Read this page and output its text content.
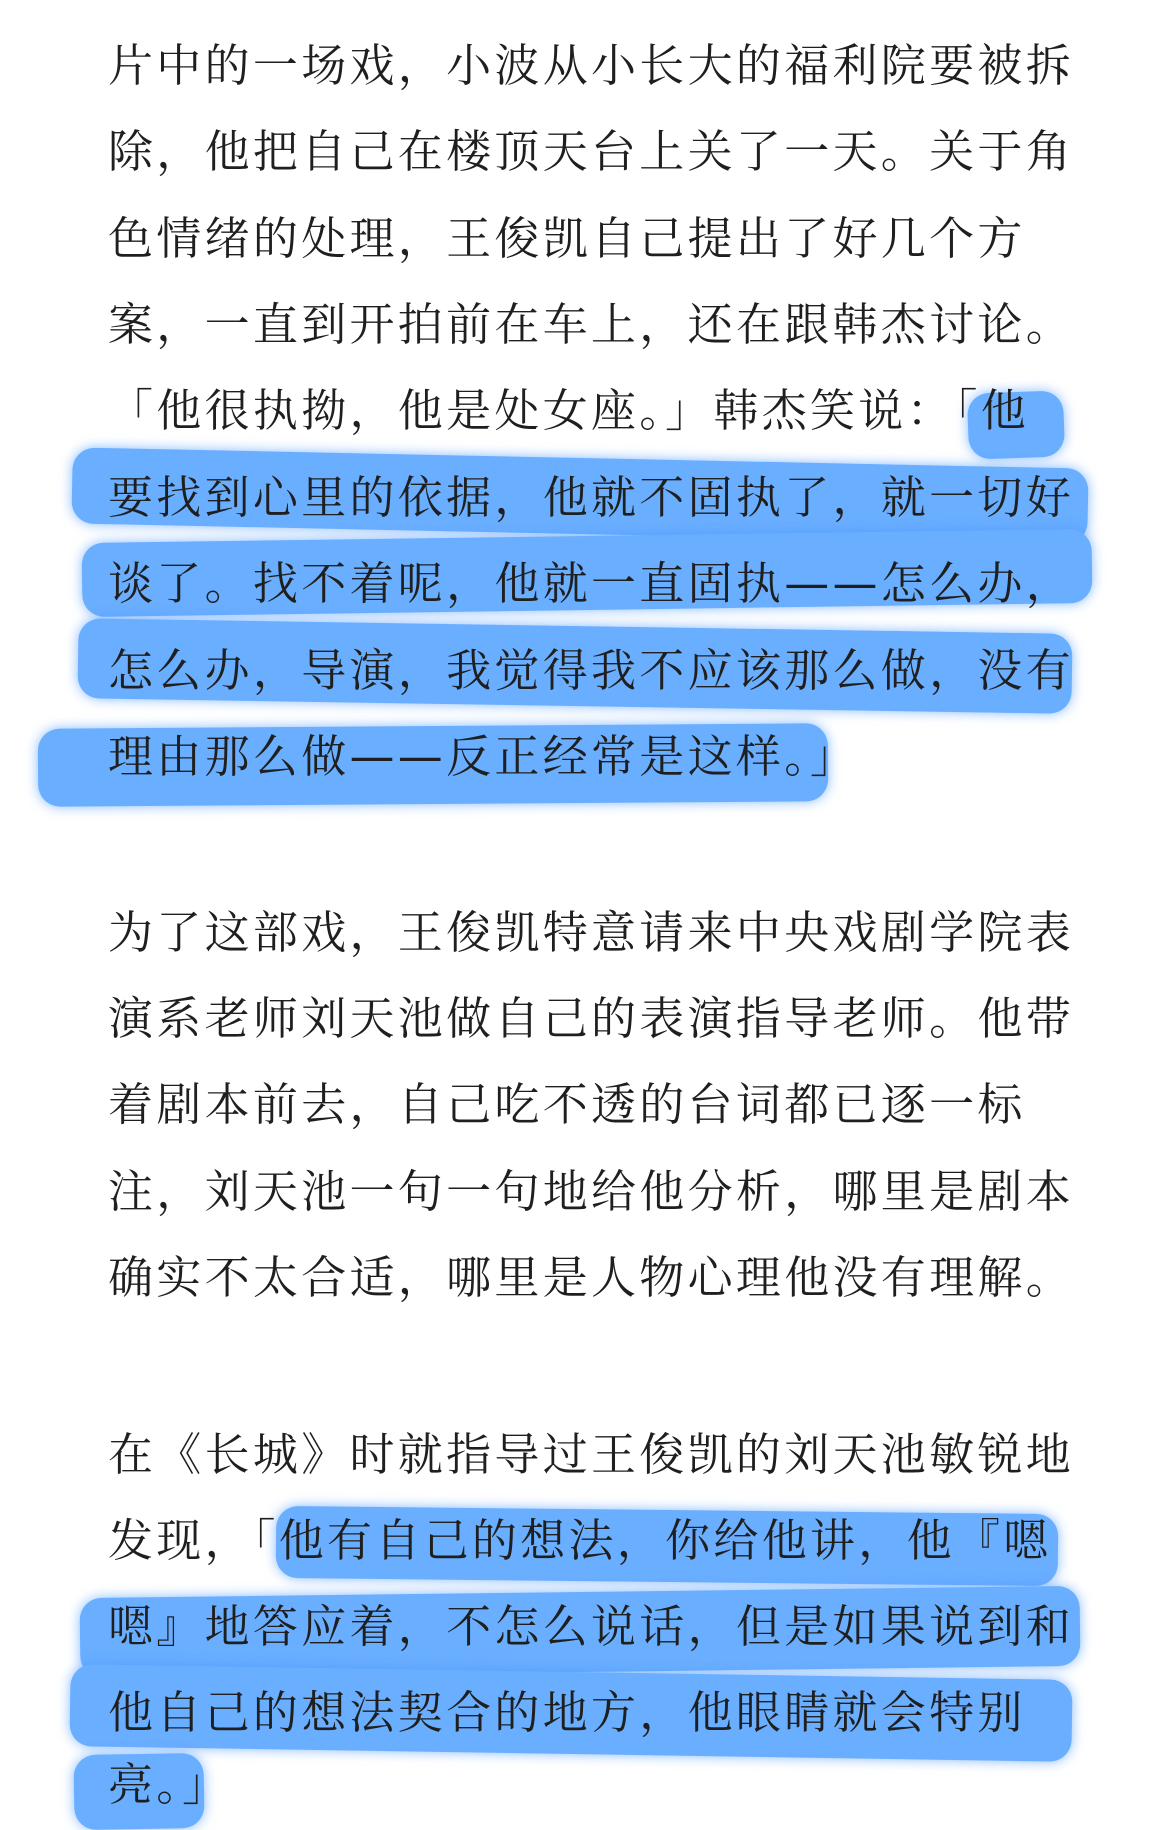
片中的一场戏，小波从小长大的福利院要被拆
除，他把自己在楼顶天台上关了一天。关于角
色情绪的处理，王俊凯自己提出了好几个方
案，一直到开拍前在车上，还在跟韩杰讨论。
「他很执拗，他是处女座。」韩杰笑说：「他
要找到心里的依据，他就不固执了，就一切好
谈了。找不着呢，他就一直固执——怎么办，
怎么办，导演，我觉得我不应该那么做，没有
理由那么做——反正经常是这样。」
为了这部戏，王俊凯特意请来中央戏剧学院表
演系老师刘天池做自己的表演指导老师。他带
着剧本前去，自己吃不透的台词都已逐一标
注，刘天池一句一句地给他分析，哪里是剧本
确实不太合适，哪里是人物心理他没有理解。
在《长城》时就指导过王俊凯的刘天池敏锐地
发现，「他有自己的想法，你给他讲，他『嗯
嗯』地答应着，不怎么说话，但是如果说到和
他自己的想法契合的地方，他眼睛就会特别
亮。」
